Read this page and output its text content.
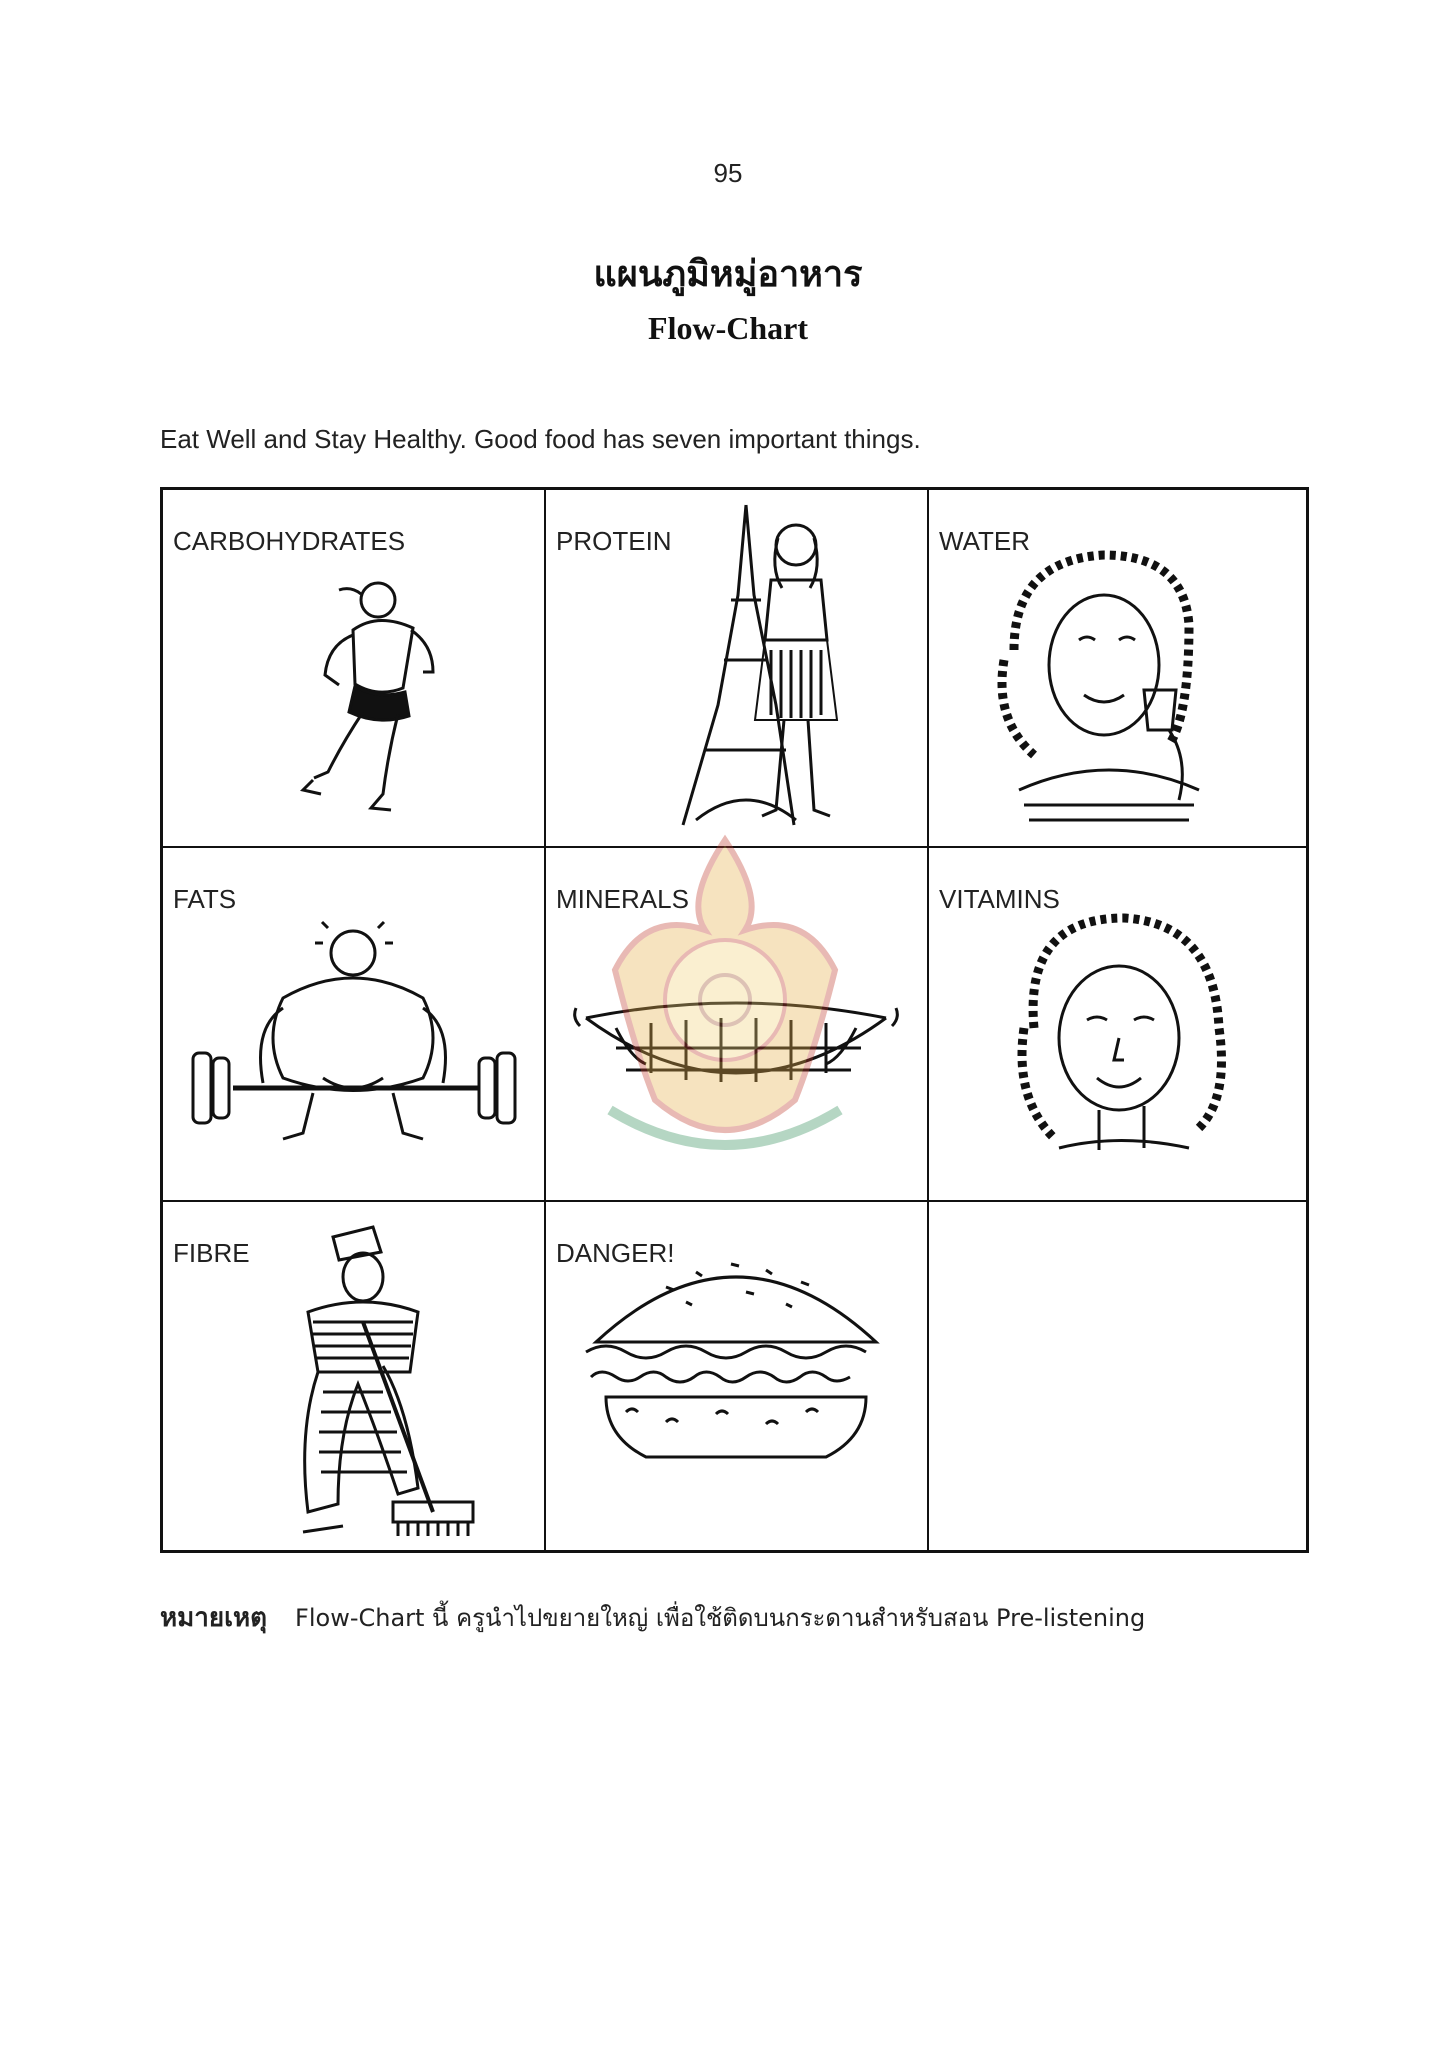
95
แผนภูมิหมู่อาหาร
Flow-Chart
Eat Well and Stay Healthy. Good food has seven important things.
CARBOHYDRATES	PROTEIN	WATER
FATS	MINERALS	VITAMINS
FIBRE	DANGER!
หมายเหตุ Flow-Chart นี้ ครูนำไปขยายใหญ่ เพื่อใช้ติดบนกระดานสำหรับสอน Pre-listening
